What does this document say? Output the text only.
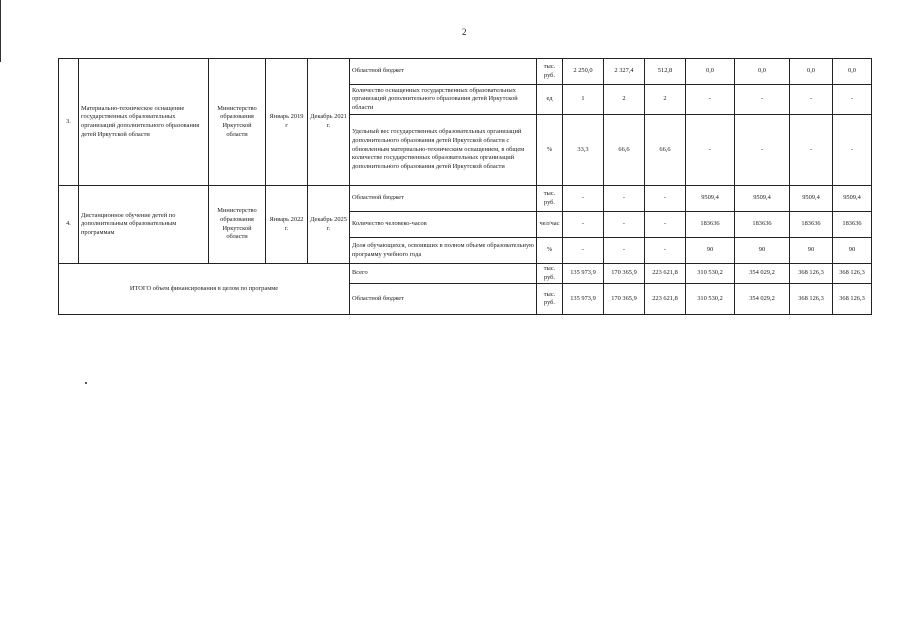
2
3.	Материально-техническое оснащение государственных образовательных организаций дополнительного образования детей Иркутской области	Министерство образования Иркутской области	Январь 2019 г	Декабрь 2021 г.	Областной бюджет	тыс. руб.	2 250,0	2 327,4	512,8	0,0	0,0	0,0	0,0
					Количество оснащенных государственных образовательных организаций дополнительного образования детей Иркутской области	ед	1	2	2	-	-	-	-
					Удельный вес государственных образовательных организаций дополнительного образования детей Иркутской области с обновленным материально-техническим оснащением, в общем количестве государственных образовательных организаций дополнительного образования детей Иркутской области	%	33,3	66,6	66,6	-	-	-	-
4.	Дистанционное обучение детей по дополнительным образовательным программам	Министерство образования Иркутской области	Январь 2022 г.	Декабрь 2025 г.	Областной бюджет	тыс. руб.	-	-	-	9509,4	9509,4	9509,4	9509,4
					Количество человеко-часов	чел/час	-	-	-	183636	183636	183636	183636
					Доля обучающихся, освоивших в полном объеме образовательную программу учебного года	%	-	-	-	90	90	90	90
ИТОГО объем финансирования в целом по программе					Всего	тыс. руб.	135 973,9	170 365,9	223 621,8	310 530,2	354 029,2	368 126,3	368 126,3
					Областной бюджет	тыс. руб.	135 973,9	170 365,9	223 621,8	310 530,2	354 029,2	368 126,3	368 126,3
